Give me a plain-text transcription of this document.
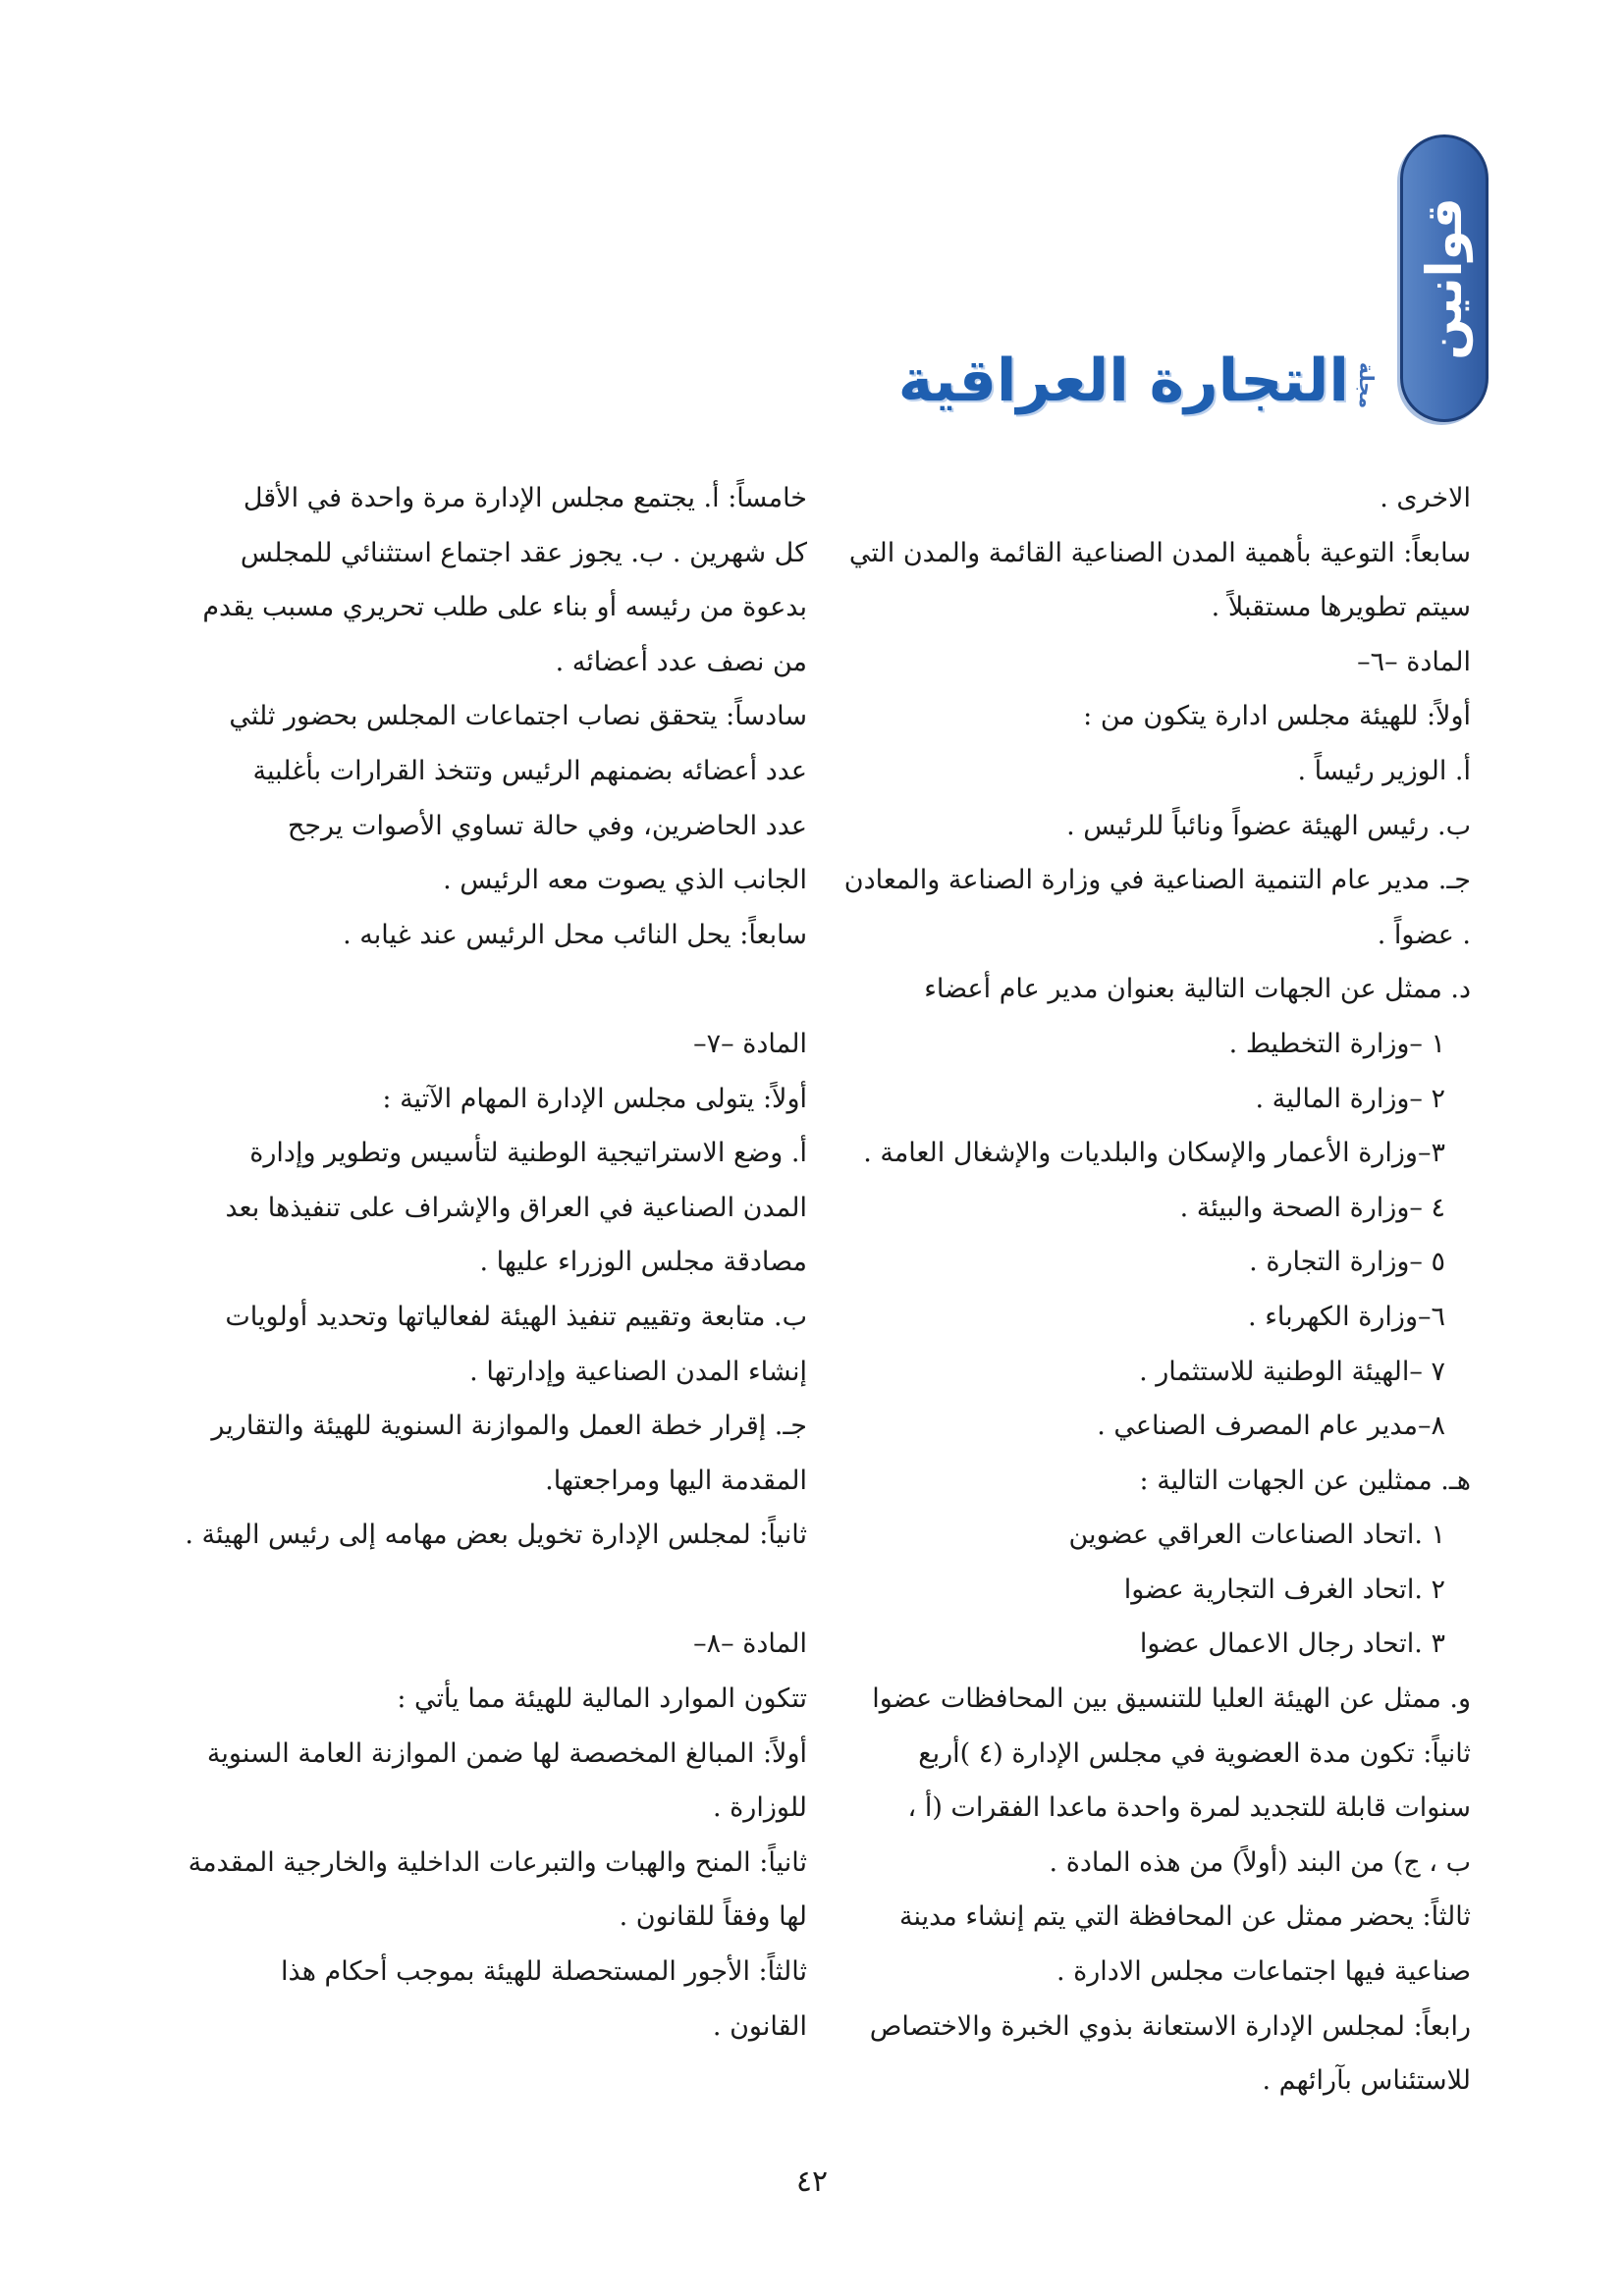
قوانين
مجلة
التجارة العراقية
الاخرى .
سابعاً: التوعية بأهمية المدن الصناعية القائمة والمدن التي
سيتم تطويرها مستقبلاً .
المادة –٦–
أولاً: للهيئة مجلس ادارة يتكون من :
أ. الوزير رئيساً .
ب. رئيس الهيئة عضواً ونائباً للرئيس .
جـ. مدير عام التنمية الصناعية في وزارة الصناعة والمعادن
. عضواً .
د. ممثل عن الجهات التالية بعنوان مدير عام أعضاء
١ –وزارة التخطيط .
٢ –وزارة المالية .
٣–وزارة الأعمار والإسكان والبلديات والإشغال العامة .
٤ –وزارة الصحة والبيئة .
٥ –وزارة التجارة .
٦–وزارة الكهرباء .
٧ –الهيئة الوطنية للاستثمار .
٨–مدير عام المصرف الصناعي .
هـ. ممثلين عن الجهات التالية :
١ .اتحاد الصناعات العراقي عضوين
٢ .اتحاد الغرف التجارية عضوا
٣ .اتحاد رجال الاعمال عضوا
و. ممثل عن الهيئة العليا للتنسيق بين المحافظات عضوا
ثانياً: تكون مدة العضوية في مجلس الإدارة (٤ )أربع
سنوات قابلة للتجديد لمرة واحدة ماعدا الفقرات (أ ،
ب ، ج) من البند (أولاً) من هذه المادة .
ثالثاً: يحضر ممثل عن المحافظة التي يتم إنشاء مدينة
صناعية فيها اجتماعات مجلس الادارة .
رابعاً: لمجلس الإدارة الاستعانة بذوي الخبرة والاختصاص
للاستئناس بآرائهم .
خامساً: أ. يجتمع مجلس الإدارة مرة واحدة في الأقل
كل شهرين . ب. يجوز عقد اجتماع استثنائي للمجلس
بدعوة من رئيسه أو بناء على طلب تحريري مسبب يقدم
من نصف عدد أعضائه .
سادساً: يتحقق نصاب اجتماعات المجلس بحضور ثلثي
عدد أعضائه بضمنهم الرئيس وتتخذ القرارات بأغلبية
عدد الحاضرين، وفي حالة تساوي الأصوات يرجح
الجانب الذي يصوت معه الرئيس .
سابعاً: يحل النائب محل الرئيس عند غيابه .
المادة –٧–
أولاً: يتولى مجلس الإدارة المهام الآتية :
أ. وضع الاستراتيجية الوطنية لتأسيس وتطوير وإدارة
المدن الصناعية في العراق والإشراف على تنفيذها بعد
مصادقة مجلس الوزراء عليها .
ب. متابعة وتقييم تنفيذ الهيئة لفعالياتها وتحديد أولويات
إنشاء المدن الصناعية وإدارتها .
جـ. إقرار خطة العمل والموازنة السنوية للهيئة والتقارير
المقدمة اليها ومراجعتها.
ثانياً: لمجلس الإدارة تخويل بعض مهامه إلى رئيس الهيئة .
المادة –٨–
تتكون الموارد المالية للهيئة مما يأتي :
أولاً: المبالغ المخصصة لها ضمن الموازنة العامة السنوية
للوزارة .
ثانياً: المنح والهبات والتبرعات الداخلية والخارجية المقدمة
لها وفقاً للقانون .
ثالثاً: الأجور المستحصلة للهيئة بموجب أحكام هذا
القانون .
٤٢
